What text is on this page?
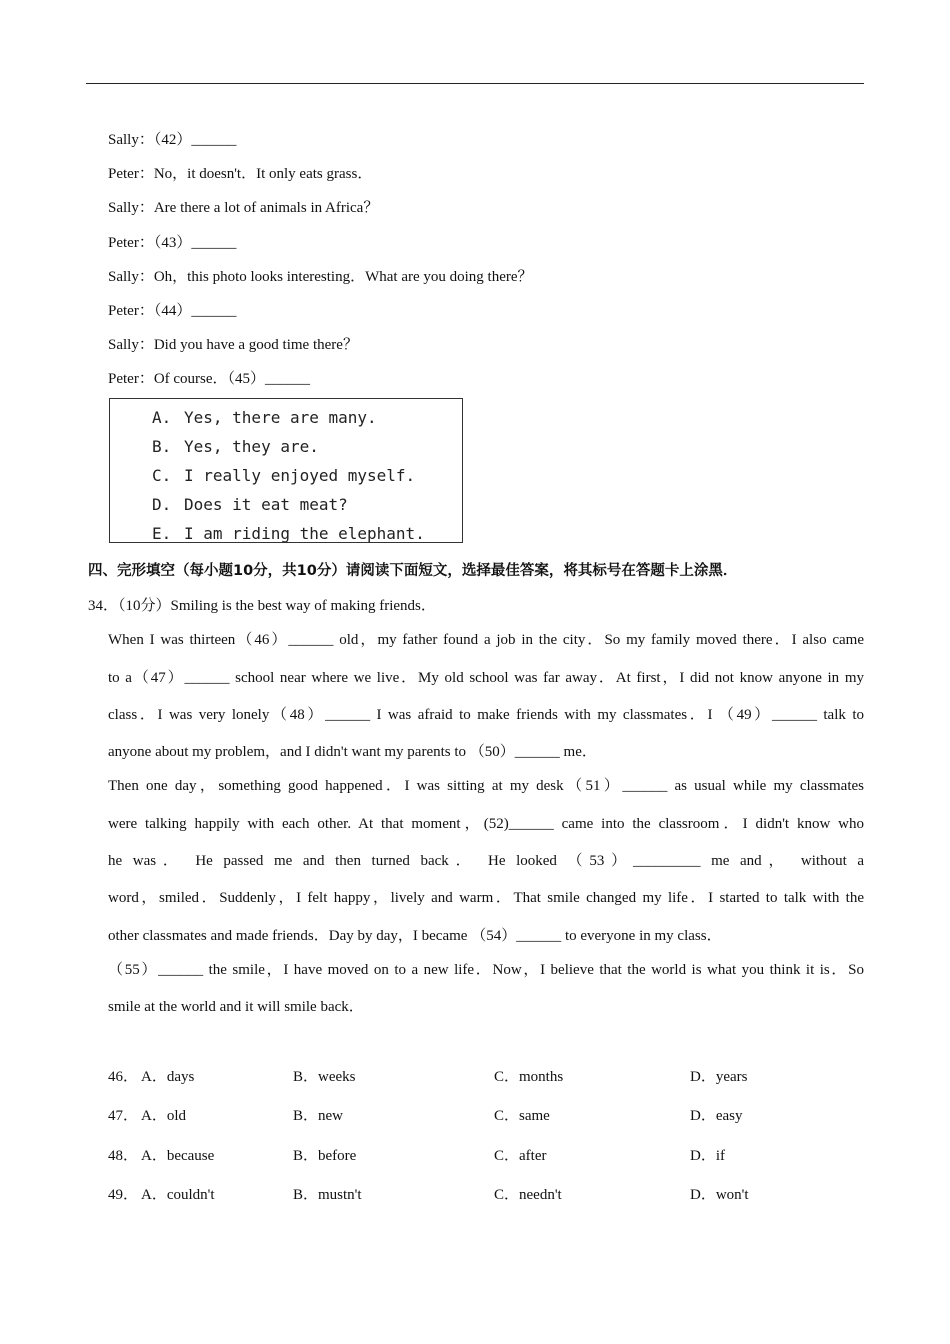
Sally：（42）______
Peter：No，it doesn't．It only eats grass．
Sally：Are there a lot of animals in Africa？
Peter：（43）______
Sally：Oh，this photo looks interesting．What are you doing there？
Peter：（44）______
Sally：Did you have a good time there？
Peter：Of course．（45）______
A. Yes, there are many.
B. Yes, they are.
C. I really enjoyed myself.
D. Does it eat meat?
E. I am riding the elephant.
四、完形填空（每小题10分，共10分）请阅读下面短文，选择最佳答案，将其标号在答题卡上涂黑．
34．（10分）Smiling is the best way of making friends．
When I was thirteen（46）______ old，my father found a job in the city．So my family moved there．I also came
to a（47）______ school near where we live．My old school was far away．At first，I did not know anyone in my
class．I was very lonely（48）______ I was afraid to make friends with my classmates．I （49）______ talk to
anyone about my problem，and I didn't want my parents to （50）______ me．
Then one day，something good happened．I was sitting at my desk（51）______ as usual while my classmates
were talking happily with each other. At that moment，(52)______ came into the classroom．I didn't know who
he was． He passed me and then turned back． He looked （53）_________ me and， without a
word，smiled．Suddenly，I felt happy，lively and warm．That smile changed my life．I started to talk with the
other classmates and made friends．Day by day，I became （54）______ to everyone in my class．
（55）______ the smile，I have moved on to a new life．Now，I believe that the world is what you think it is．So
smile at the world and it will smile back．
46． A．days	B．weeks	C．months	D．years
47． A．old	B．new	C．same	D．easy
48． A．because	B．before	C．after	D．if
49． A．couldn't	B．mustn't	C．needn't	D．won't
